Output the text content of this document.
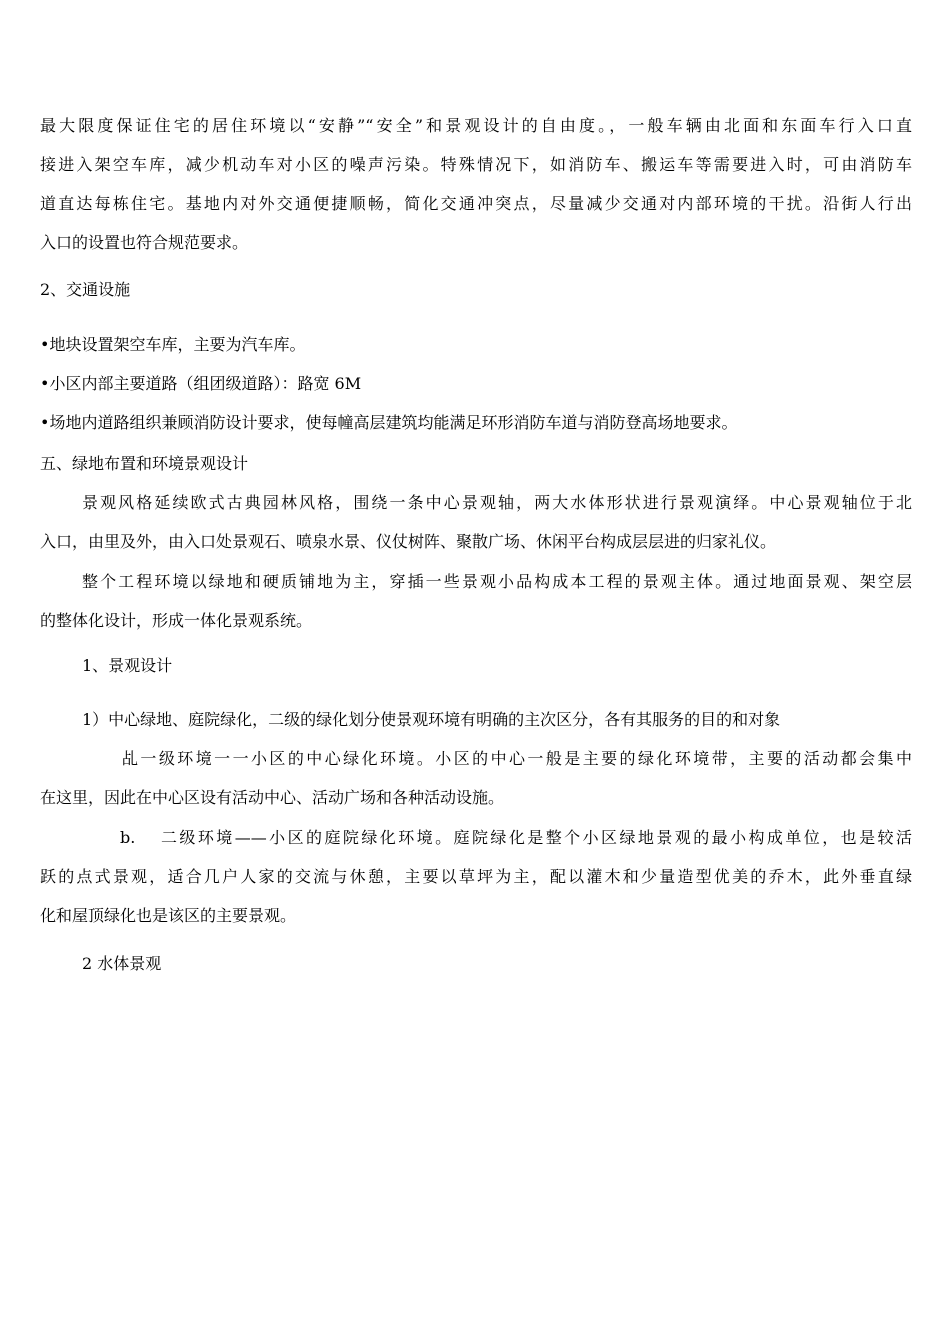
最大限度保证住宅的居住环境以“安静”“安全”和景观设计的自由度。，一般车辆由北面和东面车行入口直
接进入架空车库，减少机动车对小区的噪声污染。特殊情况下，如消防车、搬运车等需要进入时，可由消防车
道直达每栋住宅。基地内对外交通便捷顺畅，简化交通冲突点，尽量减少交通对内部环境的干扰。沿街人行出
入口的设置也符合规范要求。
2、交通设施
•地块设置架空车库，主要为汽车库。
•小区内部主要道路（组团级道路）：路宽 6M
•场地内道路组织兼顾消防设计要求，使每幢高层建筑均能满足环形消防车道与消防登高场地要求。
五、绿地布置和环境景观设计
景观风格延续欧式古典园林风格，围绕一条中心景观轴，两大水体形状进行景观演绎。中心景观轴位于北
入口，由里及外，由入口处景观石、喷泉水景、仪仗树阵、聚散广场、休闲平台构成层层进的归家礼仪。
整个工程环境以绿地和硬质铺地为主，穿插一些景观小品构成本工程的景观主体。通过地面景观、架空层
的整体化设计，形成一体化景观系统。
1、景观设计
1）中心绿地、庭院绿化，二级的绿化划分使景观环境有明确的主次区分，各有其服务的目的和对象
乩一级环境一一小区的中心绿化环境。小区的中心一般是主要的绿化环境带，主要的活动都会集中
在这里，因此在中心区设有活动中心、活动广场和各种活动设施。
b. 二级环境——小区的庭院绿化环境。庭院绿化是整个小区绿地景观的最小构成单位，也是较活
跃的点式景观，适合几户人家的交流与休憩，主要以草坪为主，配以灌木和少量造型优美的乔木，此外垂直绿
化和屋顶绿化也是该区的主要景观。
2 水体景观
